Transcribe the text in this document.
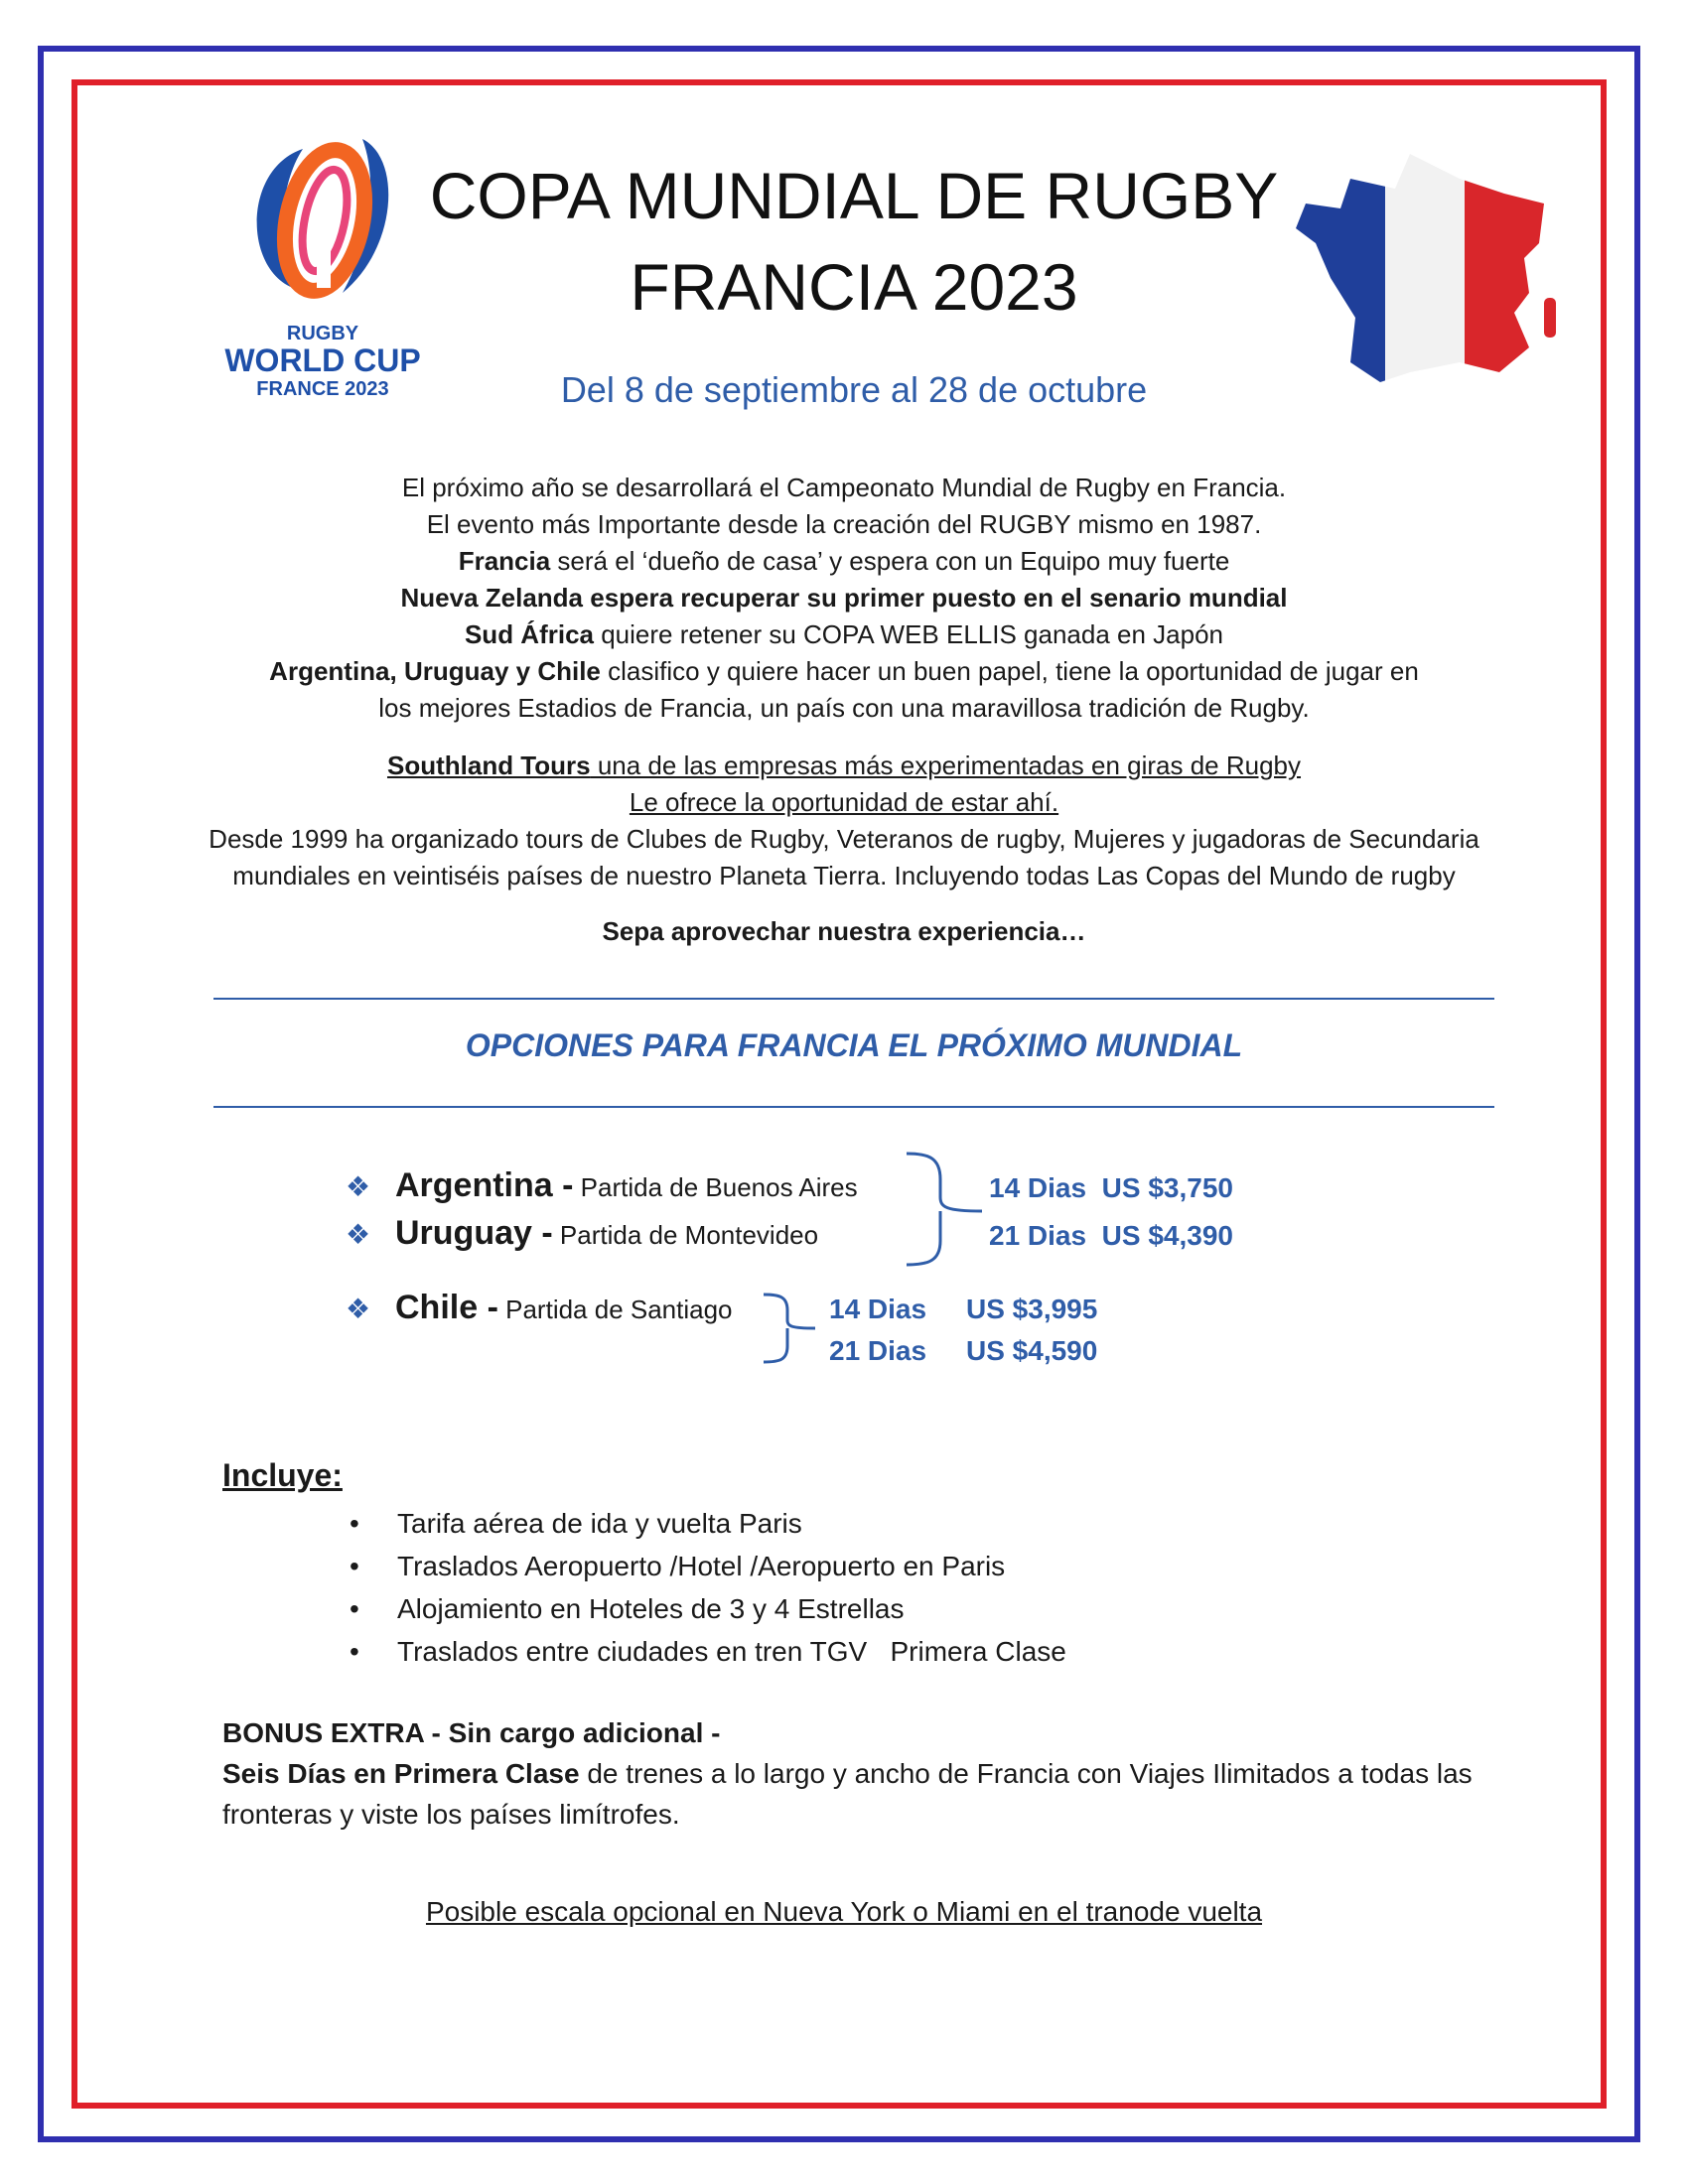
RUGBY
WORLD CUP
FRANCE 2023
COPA MUNDIAL DE RUGBY
FRANCIA 2023
Del 8 de septiembre al 28 de octubre

El próximo año se desarrollará el Campeonato Mundial de Rugby en Francia.

El evento más Importante desde la creación del RUGBY mismo en 1987.

Francia será el ‘dueño de casa’ y espera con un Equipo muy fuerte

Nueva Zelanda espera recuperar su primer puesto en el senario mundial

Sud África quiere retener su COPA WEB ELLIS ganada en Japón

Argentina, Uruguay y Chile clasifico y quiere hacer un buen papel, tiene la oportunidad de jugar en

los mejores Estadios de Francia, un país con una maravillosa tradición de Rugby.

Southland Tours una de las empresas más experimentadas en giras de Rugby

Le ofrece la oportunidad de estar ahí.

Desde 1999 ha organizado tours de Clubes de Rugby, Veteranos de rugby, Mujeres y jugadoras de Secundaria

mundiales en veintiséis países de nuestro Planeta Tierra. Incluyendo todas Las Copas del Mundo de rugby

Sepa aprovechar nuestra experiencia…
OPCIONES PARA FRANCIA EL PRÓXIMO MUNDIAL
❖ Argentina - Partida de Buenos Aires
❖ Uruguay - Partida de Montevideo
❖ Chile - Partida de Santiago
14 Dias US $3,750
21 Dias US $4,390
14 Dias US $3,995
21 Dias US $4,590
Incluye:
• Tarifa aérea de ida y vuelta Paris
• Traslados Aeropuerto /Hotel /Aeropuerto en Paris
• Alojamiento en Hoteles de 3 y 4 Estrellas
• Traslados entre ciudades en tren TGV   Primera Clase

BONUS EXTRA - Sin cargo adicional -

Seis Días en Primera Clase de trenes a lo largo y ancho de Francia con Viajes Ilimitados a todas las fronteras y viste los países limítrofes.

Posible escala opcional en Nueva York o Miami en el tranode vuelta
